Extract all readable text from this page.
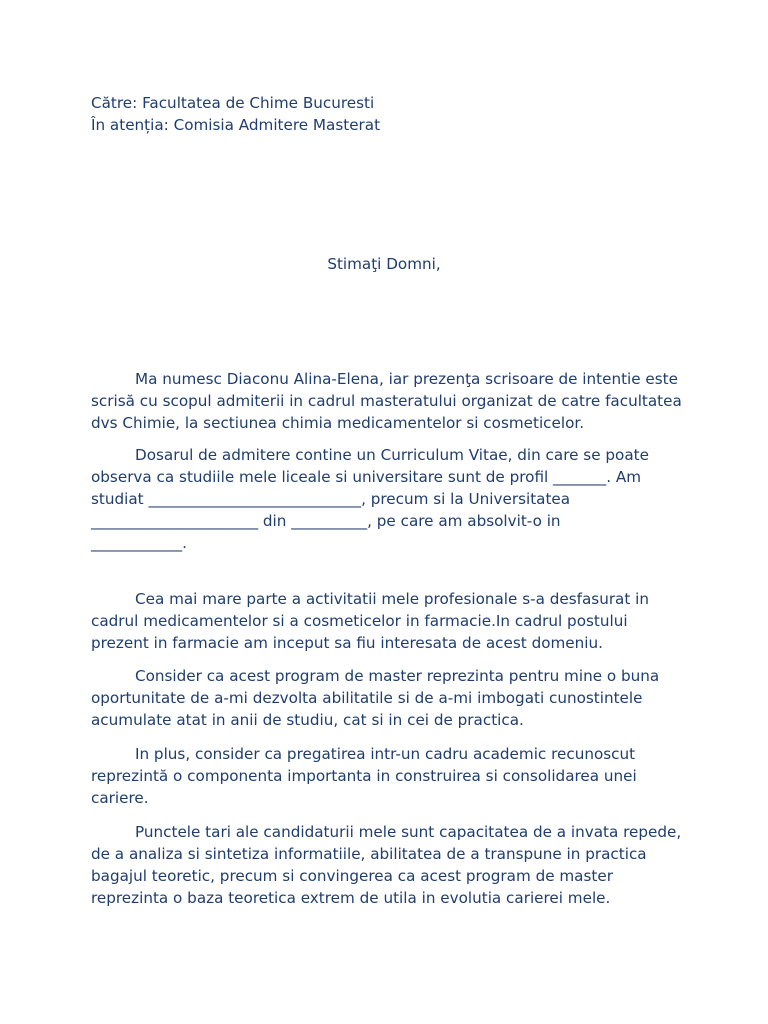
Către: Facultatea de Chime Bucuresti
În atenția: Comisia Admitere Masterat
Stimaţi Domni,

Ma numesc Diaconu Alina-Elena, iar prezenţa scrisoare de intentie este
scrisă cu scopul admiterii in cadrul masteratului organizat de catre facultatea
dvs Chimie, la sectiunea chimia medicamentelor si cosmeticelor.

Dosarul de admitere contine un Curriculum Vitae, din care se poate
observa ca studiile mele liceale si universitare sunt de profil _______. Am
studiat ____________________________, precum si la Universitatea
______________________ din __________, pe care am absolvit-o in
____________.

Cea mai mare parte a activitatii mele profesionale s-a desfasurat in
cadrul medicamentelor si a cosmeticelor in farmacie.In cadrul postului
prezent in farmacie am inceput sa fiu interesata de acest domeniu.

Consider ca acest program de master reprezinta pentru mine o buna
oportunitate de a-mi dezvolta abilitatile si de a-mi imbogati cunostintele
acumulate atat in anii de studiu, cat si in cei de practica.

In plus, consider ca pregatirea intr-un cadru academic recunoscut
reprezintă o componenta importanta in construirea si consolidarea unei
cariere.

Punctele tari ale candidaturii mele sunt capacitatea de a invata repede,
de a analiza si sintetiza informatiile, abilitatea de a transpune in practica
bagajul teoretic, precum si convingerea ca acest program de master
reprezinta o baza teoretica extrem de utila in evolutia carierei mele.
